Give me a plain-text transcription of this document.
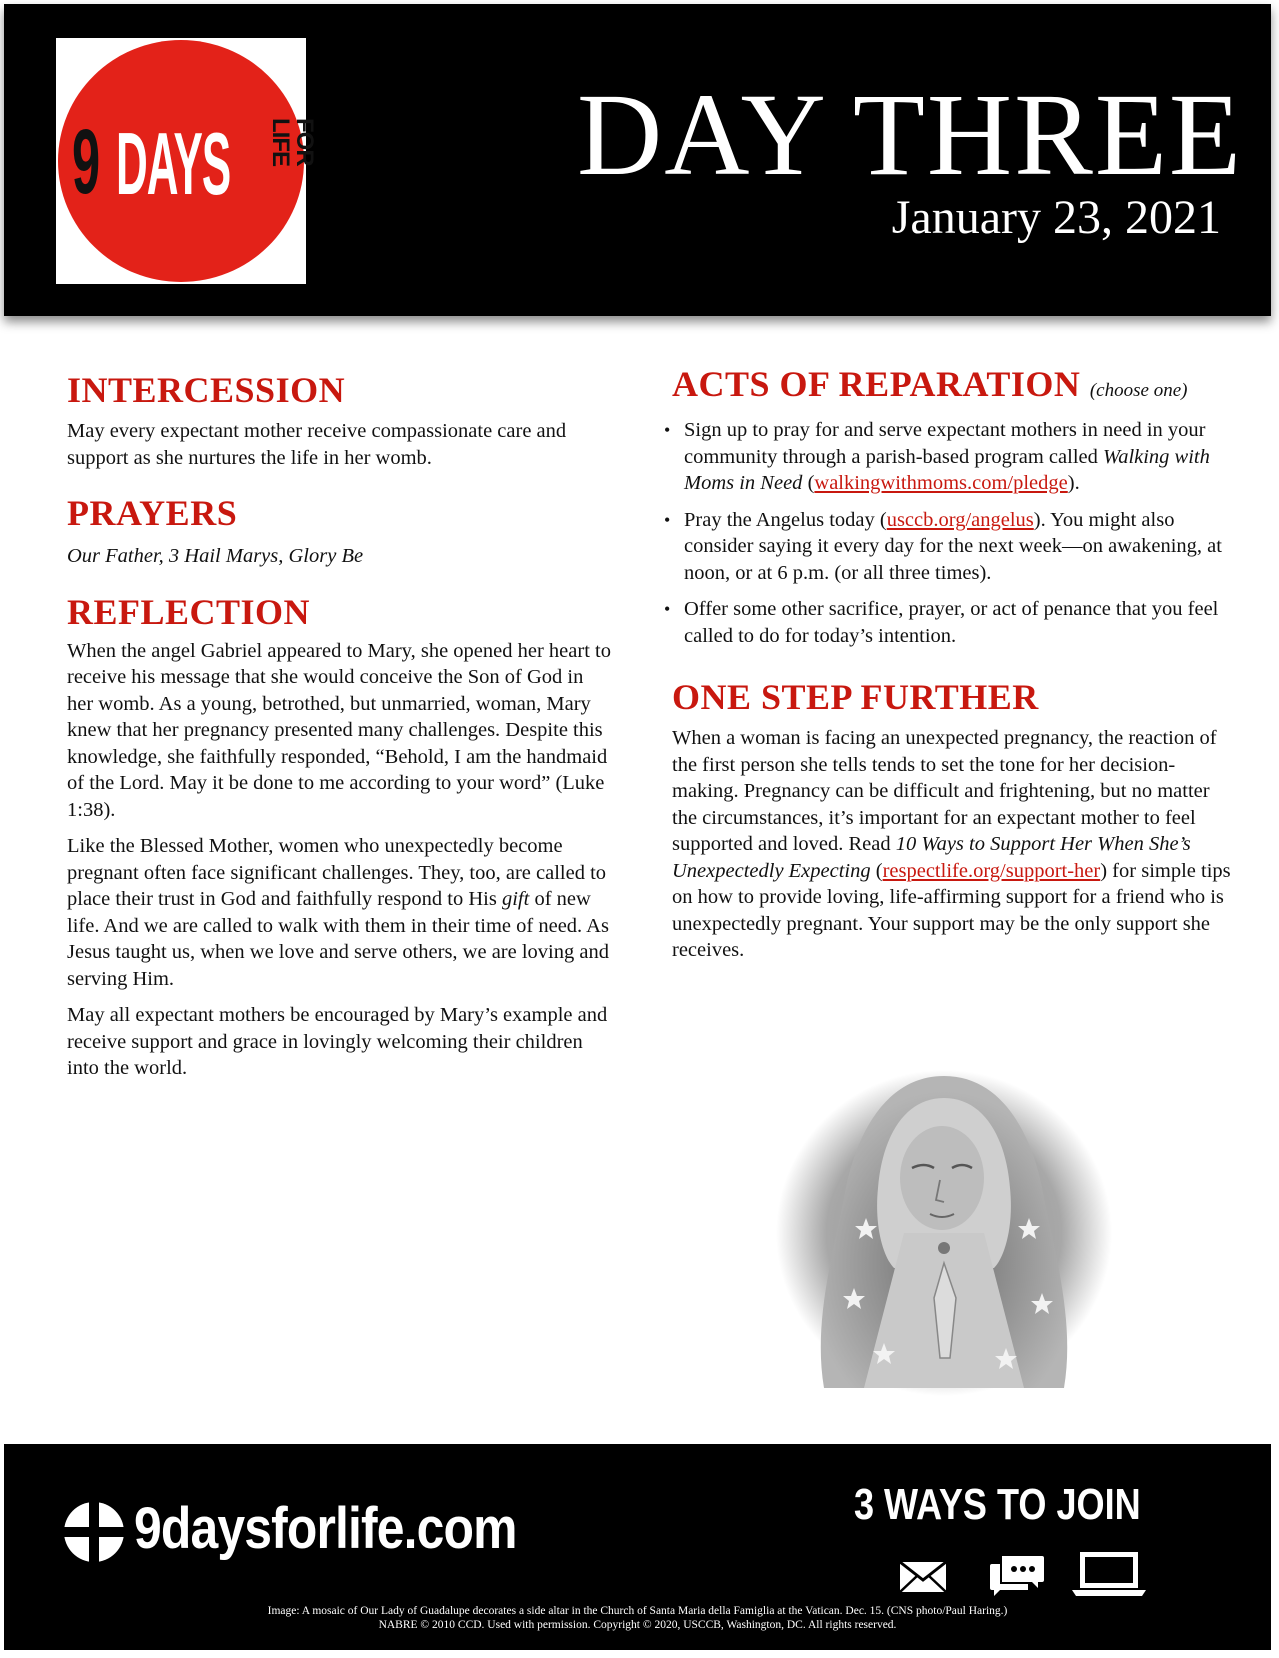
9 DAYS	FOR LIFE DAY THREE
January 23, 2021
INTERCESSION

May every expectant mother receive compassionate care and support as she nurtures the life in her womb.

PRAYERS

Our Father, 3 Hail Marys, Glory Be

REFLECTION

When the angel Gabriel appeared to Mary, she opened her heart to receive his message that she would conceive the Son of God in her womb. As a young, betrothed, but unmarried, woman, Mary knew that her pregnancy presented many challenges. Despite this knowledge, she faithfully responded, “Behold, I am the handmaid of the Lord. May it be done to me according to your word” (Luke 1:38).

Like the Blessed Mother, women who unexpectedly become pregnant often face significant challenges. They, too, are called to place their trust in God and faithfully respond to His gift of new life. And we are called to walk with them in their time of need. As Jesus taught us, when we love and serve others, we are loving and serving Him.

May all expectant mothers be encouraged by Mary’s example and receive support and grace in lovingly welcoming their children into the world.

ACTS OF REPARATION (choose one)
• Sign up to pray for and serve expectant mothers in need in your community through a parish-based program called Walking with Moms in Need (walkingwithmoms.com/pledge).
• Pray the Angelus today (usccb.org/angelus). You might also consider saying it every day for the next week—on awakening, at noon, or at 6 p.m. (or all three times).
• Offer some other sacrifice, prayer, or act of penance that you feel called to do for today’s intention.
ONE STEP FURTHER

When a woman is facing an unexpected pregnancy, the reaction of the first person she tells tends to set the tone for her decision-making. Pregnancy can be difficult and frightening, but no matter the circumstances, it’s important for an expectant mother to feel supported and loved. Read 10 Ways to Support Her When She’s Unexpectedly Expecting (respectlife.org/support-her) for simple tips on how to provide loving, life-affirming support for a friend who is unexpectedly pregnant. Your support may be the only support she receives.

9daysforlife.com	3 WAYS TO JOIN
Image: A mosaic of Our Lady of Guadalupe decorates a side altar in the Church of Santa Maria della Famiglia at the Vatican. Dec. 15. (CNS photo/Paul Haring.)
NABRE © 2010 CCD. Used with permission. Copyright © 2020, USCCB, Washington, DC. All rights reserved.
